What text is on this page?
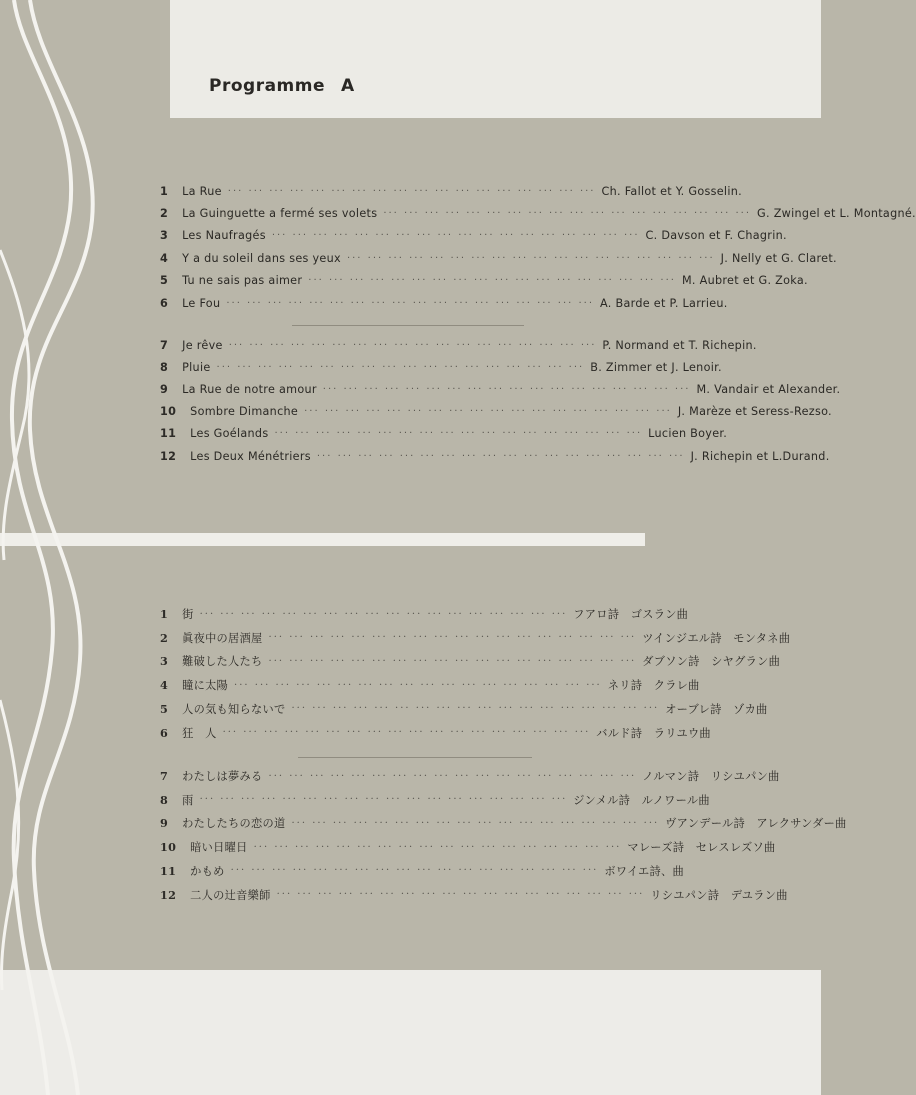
Programme A
1 La Rue ··· ··· ··· ··· ··· ··· ··· ··· ··· ··· ··· ··· ··· ··· ··· ··· ··· ··· Ch. Fallot et Y. Gosselin.
2 La Guinguette a fermé ses volets ··· ··· ··· ··· ··· ··· ··· ··· ··· ··· ··· ··· ··· ··· ··· ··· ··· ··· G. Zwingel et L. Montagné.
3 Les Naufragés ··· ··· ··· ··· ··· ··· ··· ··· ··· ··· ··· ··· ··· ··· ··· ··· ··· ··· C. Davson et F. Chagrin.
4 Y a du soleil dans ses yeux ··· ··· ··· ··· ··· ··· ··· ··· ··· ··· ··· ··· ··· ··· ··· ··· ··· ··· J. Nelly et G. Claret.
5 Tu ne sais pas aimer ··· ··· ··· ··· ··· ··· ··· ··· ··· ··· ··· ··· ··· ··· ··· ··· ··· ··· M. Aubret et G. Zoka.
6 Le Fou ··· ··· ··· ··· ··· ··· ··· ··· ··· ··· ··· ··· ··· ··· ··· ··· ··· ··· A. Barde et P. Larrieu.
7 Je rêve ··· ··· ··· ··· ··· ··· ··· ··· ··· ··· ··· ··· ··· ··· ··· ··· ··· ··· P. Normand et T. Richepin.
8 Pluie ··· ··· ··· ··· ··· ··· ··· ··· ··· ··· ··· ··· ··· ··· ··· ··· ··· ··· B. Zimmer et J. Lenoir.
9 La Rue de notre amour ··· ··· ··· ··· ··· ··· ··· ··· ··· ··· ··· ··· ··· ··· ··· ··· ··· ··· M. Vandair et Alexander.
10 Sombre Dimanche ··· ··· ··· ··· ··· ··· ··· ··· ··· ··· ··· ··· ··· ··· ··· ··· ··· ··· J. Marèze et Seress-Rezso.
11 Les Goélands ··· ··· ··· ··· ··· ··· ··· ··· ··· ··· ··· ··· ··· ··· ··· ··· ··· ··· Lucien Boyer.
12 Les Deux Ménétriers ··· ··· ··· ··· ··· ··· ··· ··· ··· ··· ··· ··· ··· ··· ··· ··· ··· ··· J. Richepin et L.Durand.
1 街 ··· ··· ··· ··· ··· ··· ··· ··· ··· ··· ··· ··· ··· ··· ··· ··· ··· ··· フアロ詩　ゴスラン曲
2 眞夜中の居酒屋 ··· ··· ··· ··· ··· ··· ··· ··· ··· ··· ··· ··· ··· ··· ··· ··· ··· ··· ツインジエル詩　モンタネ曲
3 難破した人たち ··· ··· ··· ··· ··· ··· ··· ··· ··· ··· ··· ··· ··· ··· ··· ··· ··· ··· ダブソン詩　シヤグラン曲
4 瞳に太陽 ··· ··· ··· ··· ··· ··· ··· ··· ··· ··· ··· ··· ··· ··· ··· ··· ··· ··· ネリ詩　クラレ曲
5 人の気も知らないで ··· ··· ··· ··· ··· ··· ··· ··· ··· ··· ··· ··· ··· ··· ··· ··· ··· ··· オーブレ詩　ゾカ曲
6 狂　人 ··· ··· ··· ··· ··· ··· ··· ··· ··· ··· ··· ··· ··· ··· ··· ··· ··· ··· バルド詩　ラリユウ曲
7 わたしは夢みる ··· ··· ··· ··· ··· ··· ··· ··· ··· ··· ··· ··· ··· ··· ··· ··· ··· ··· ノルマン詩　リシユパン曲
8 雨 ··· ··· ··· ··· ··· ··· ··· ··· ··· ··· ··· ··· ··· ··· ··· ··· ··· ··· ジンメル詩　ルノワール曲
9 わたしたちの恋の道 ··· ··· ··· ··· ··· ··· ··· ··· ··· ··· ··· ··· ··· ··· ··· ··· ··· ··· ヴアンデール詩　アレクサンダー曲
10 暗い日曜日 ··· ··· ··· ··· ··· ··· ··· ··· ··· ··· ··· ··· ··· ··· ··· ··· ··· ··· マレーズ詩　セレスレズソ曲
11 かもめ ··· ··· ··· ··· ··· ··· ··· ··· ··· ··· ··· ··· ··· ··· ··· ··· ··· ··· ボワイエ詩、曲
12 二人の辻音樂師 ··· ··· ··· ··· ··· ··· ··· ··· ··· ··· ··· ··· ··· ··· ··· ··· ··· ··· リシユパン詩　デユラン曲
